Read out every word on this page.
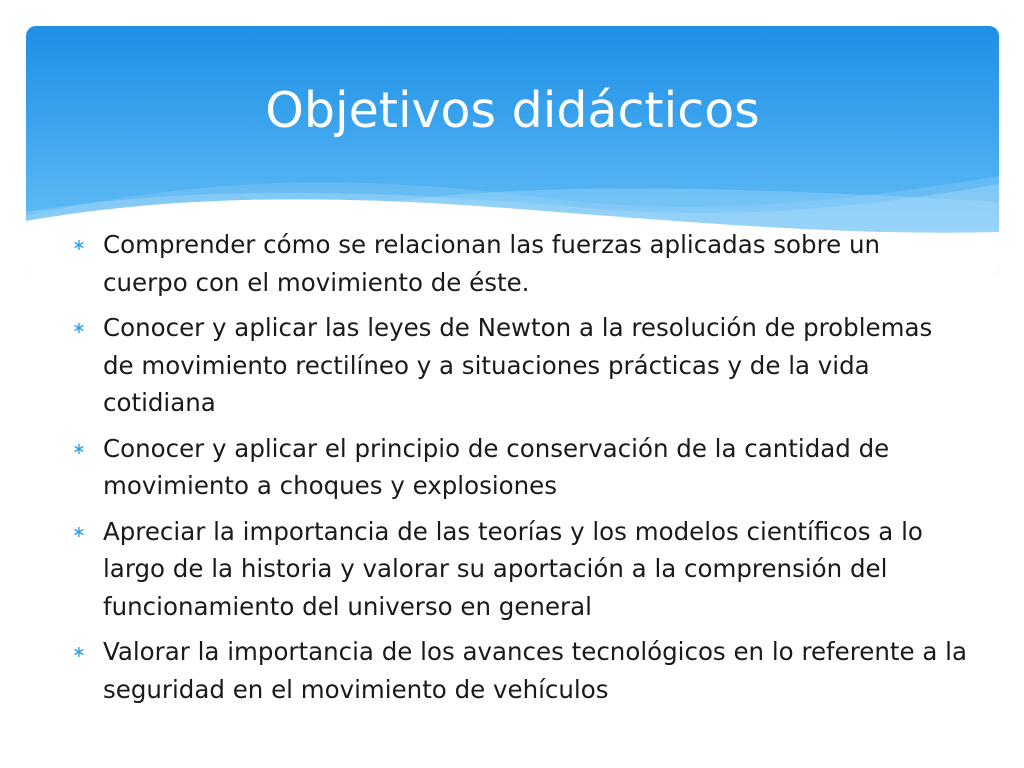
Objetivos didácticos
∗ Comprender cómo se relacionan las fuerzas aplicadas sobre un cuerpo con el movimiento de éste.
∗ Conocer y aplicar las leyes de Newton a la resolución de problemas de movimiento rectilíneo y a situaciones prácticas y de la vida cotidiana
∗ Conocer y aplicar el principio de conservación de la cantidad de movimiento a choques y explosiones
∗ Apreciar la importancia de las teorías y los modelos científicos a lo largo de la historia y valorar su aportación a la comprensión del funcionamiento del universo en general
∗ Valorar la importancia de los avances tecnológicos en lo referente a la seguridad en el movimiento de vehículos
